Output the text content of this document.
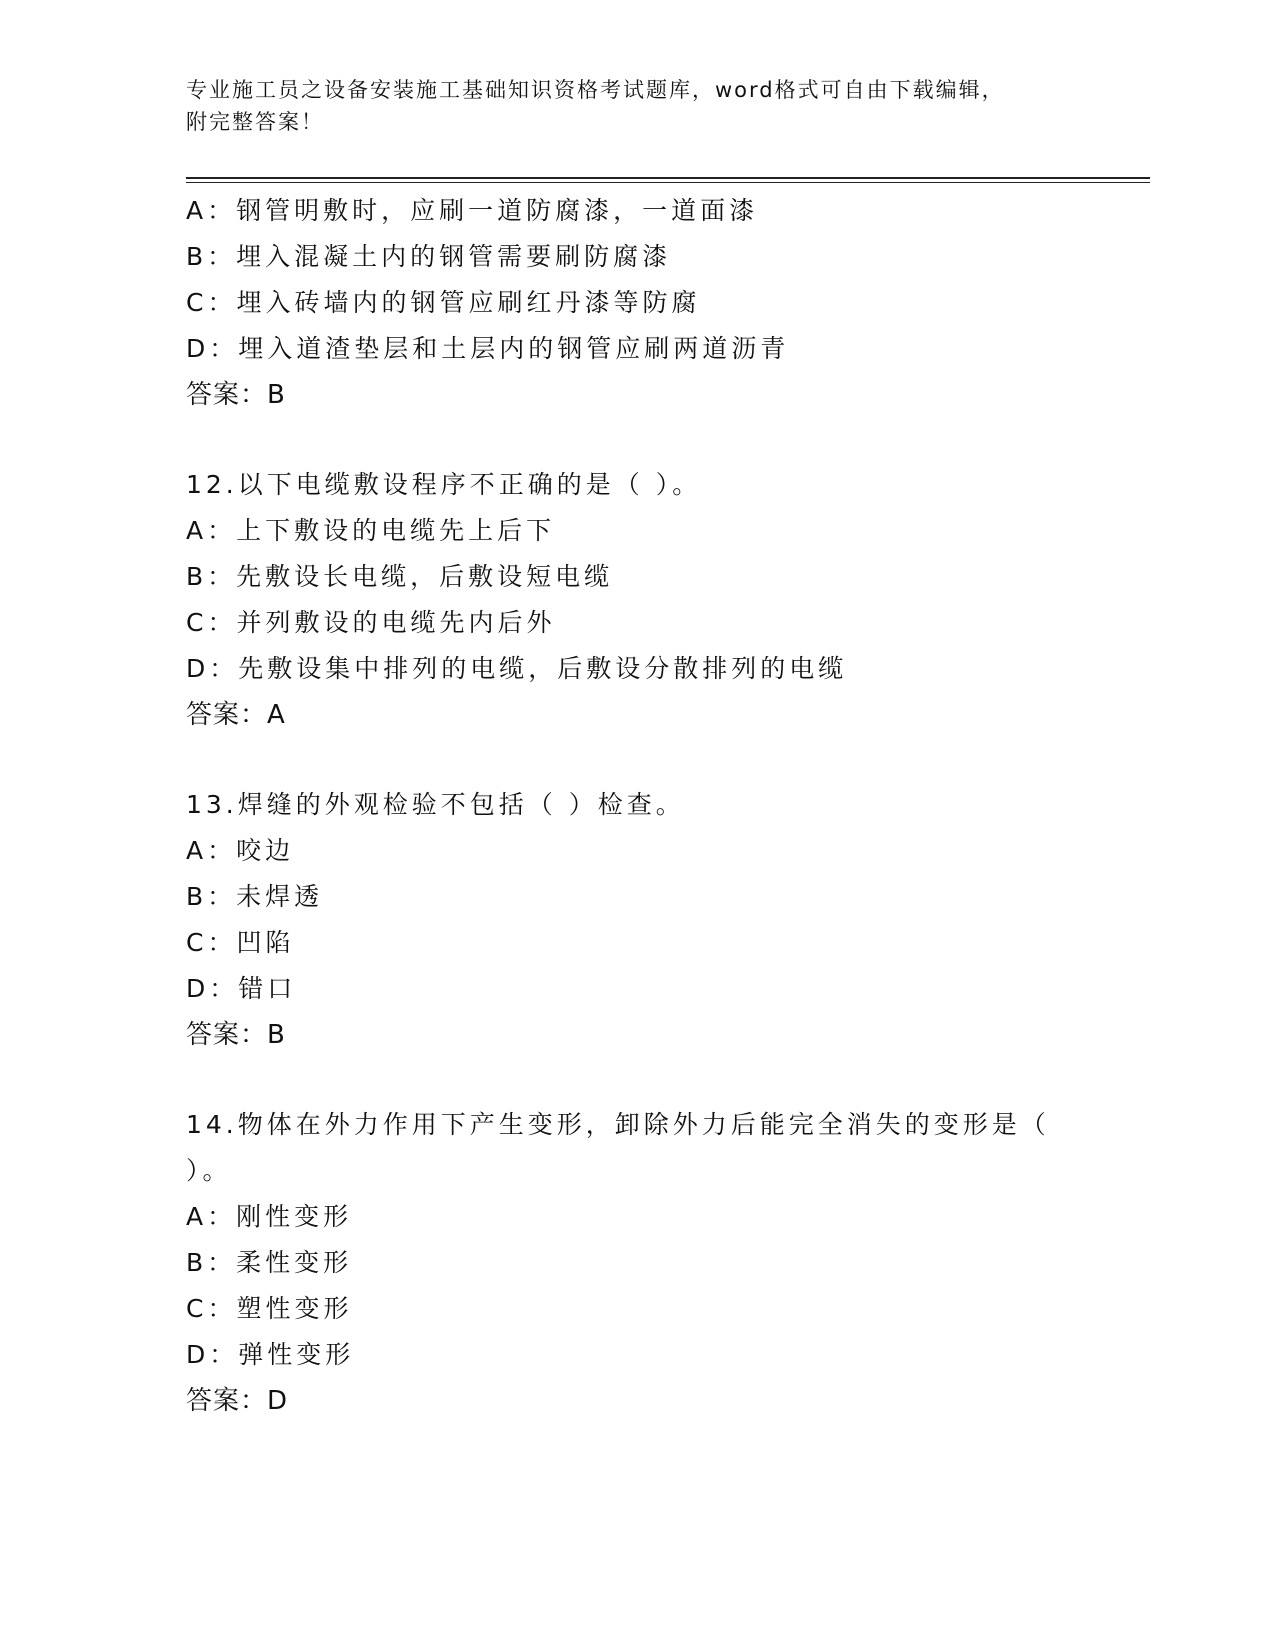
专业施工员之设备安装施工基础知识资格考试题库，word格式可自由下载编辑，
附完整答案！
A：钢管明敷时，应刷一道防腐漆，一道面漆
B：埋入混凝土内的钢管需要刷防腐漆
C：埋入砖墙内的钢管应刷红丹漆等防腐
D：埋入道渣垫层和土层内的钢管应刷两道沥青
答案：B
12.以下电缆敷设程序不正确的是（ ）。
A：上下敷设的电缆先上后下
B：先敷设长电缆，后敷设短电缆
C：并列敷设的电缆先内后外
D：先敷设集中排列的电缆，后敷设分散排列的电缆
答案：A
13.焊缝的外观检验不包括（ ）检查。
A：咬边
B：未焊透
C：凹陷
D：错口
答案：B
14.物体在外力作用下产生变形，卸除外力后能完全消失的变形是（
）。
A：刚性变形
B：柔性变形
C：塑性变形
D：弹性变形
答案：D
